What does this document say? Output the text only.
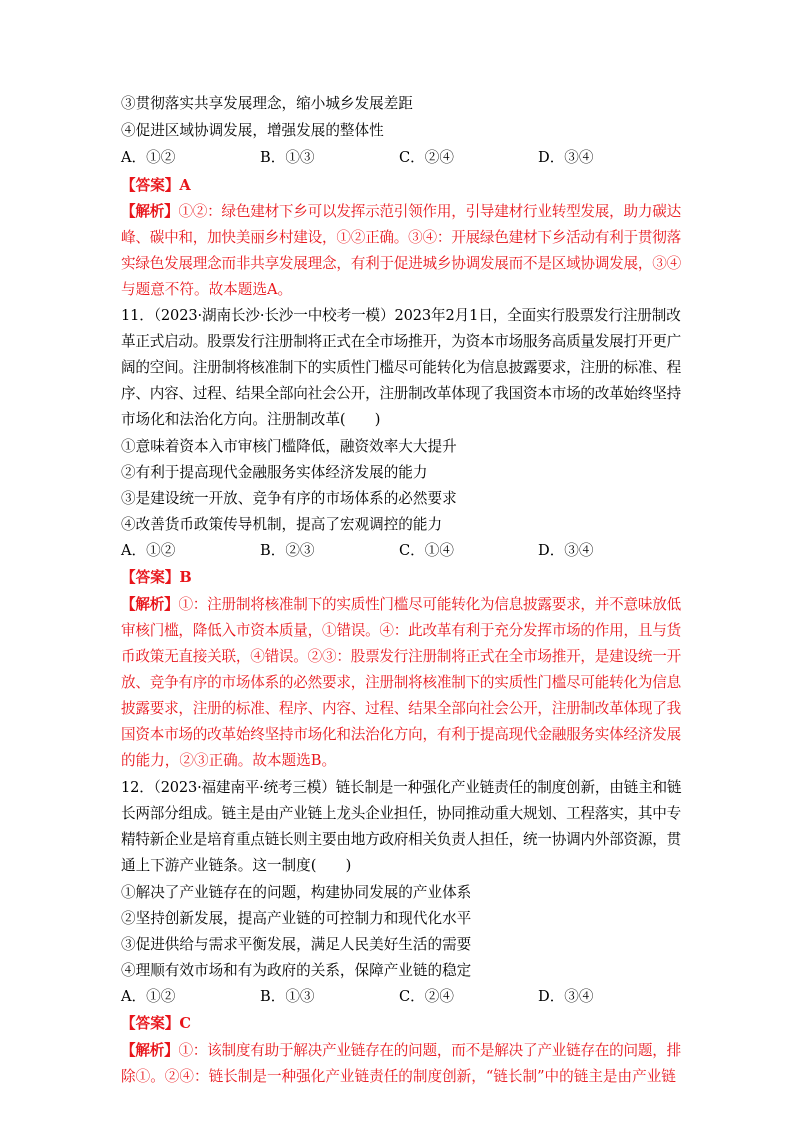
③贯彻落实共享发展理念，缩小城乡发展差距
④促进区域协调发展，增强发展的整体性
A．①②	B．①③	C．②④	D．③④
【答案】A
【解析】①②：绿色建材下乡可以发挥示范引领作用，引导建材行业转型发展，助力碳达
峰、碳中和，加快美丽乡村建设，①②正确。③④：开展绿色建材下乡活动有利于贯彻落
实绿色发展理念而非共享发展理念，有利于促进城乡协调发展而不是区域协调发展，③④
与题意不符。故本题选A。
11．（2023·湖南长沙·长沙一中校考一模）2023年2月1日，全面实行股票发行注册制改
革正式启动。股票发行注册制将正式在全市场推开，为资本市场服务高质量发展打开更广
阔的空间。注册制将核准制下的实质性门槛尽可能转化为信息披露要求，注册的标准、程
序、内容、过程、结果全部向社会公开，注册制改革体现了我国资本市场的改革始终坚持
市场化和法治化方向。注册制改革(　　)
①意味着资本入市审核门槛降低，融资效率大大提升
②有利于提高现代金融服务实体经济发展的能力
③是建设统一开放、竞争有序的市场体系的必然要求
④改善货币政策传导机制，提高了宏观调控的能力
A．①②	B．②③	C．①④	D．③④
【答案】B
【解析】①：注册制将核准制下的实质性门槛尽可能转化为信息披露要求，并不意味放低
审核门槛，降低入市资本质量，①错误。④：此改革有利于充分发挥市场的作用，且与货
币政策无直接关联，④错误。②③：股票发行注册制将正式在全市场推开，是建设统一开
放、竞争有序的市场体系的必然要求，注册制将核准制下的实质性门槛尽可能转化为信息
披露要求，注册的标准、程序、内容、过程、结果全部向社会公开，注册制改革体现了我
国资本市场的改革始终坚持市场化和法治化方向，有利于提高现代金融服务实体经济发展
的能力，②③正确。故本题选B。
12．（2023·福建南平·统考三模）链长制是一种强化产业链责任的制度创新，由链主和链
长两部分组成。链主是由产业链上龙头企业担任，协同推动重大规划、工程落实，其中专
精特新企业是培育重点链长则主要由地方政府相关负责人担任，统一协调内外部资源，贯
通上下游产业链条。这一制度(　　)
①解决了产业链存在的问题，构建协同发展的产业体系
②坚持创新发展，提高产业链的可控制力和现代化水平
③促进供给与需求平衡发展，满足人民美好生活的需要
④理顺有效市场和有为政府的关系，保障产业链的稳定
A．①②	B．①③	C．②④	D．③④
【答案】C
【解析】①：该制度有助于解决产业链存在的问题，而不是解决了产业链存在的问题，排
除①。②④：链长制是一种强化产业链责任的制度创新，“链长制”中的链主是由产业链
